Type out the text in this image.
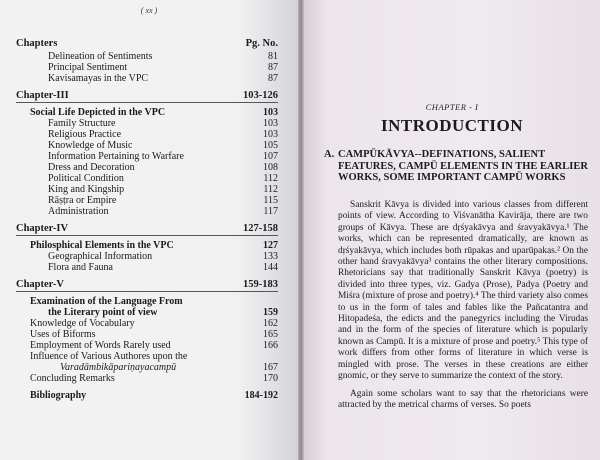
( xx )
Chapters	Pg. No.
Delineation of Sentiments	81
Principal Sentiment	87
Kavisamayas in the VPC	87
Chapter-III	103-126
Social Life Depicted in the VPC	103
Family Structure	103
Religious Practice	103
Knowledge of Music	105
Information Pertaining to Warfare	107
Dress and Decoration	108
Political Condition	112
King and Kingship	112
Rāṣṭra or Empire	115
Administration	117
Chapter-IV	127-158
Philosphical Elements in the VPC	127
Geographical Information	133
Flora and Fauna	144
Chapter-V	159-183
Examination of the Language From
the Literary point of view	159
Knowledge of Vocabulary	162
Uses of Biforms	165
Employment of Words Rarely used	166
Influence of Various Authores upon the
Varadāmbikāpariṇayacampū	167
Concluding Remarks	170
Bibliography	184-192
CHAPTER - I
INTRODUCTION
A. CAMPŪKĀVYA--DEFINATIONS, SALIENT FEATURES, CAMPŪ ELEMENTS IN THE EARLIER WORKS, SOME IMPORTANT CAMPŪ WORKS

Sanskrit Kāvya is divided into various classes from different points of view. According to Viśvanātha Kavirāja, there are two groups of Kāvya. These are dṛśyakāvya and śravyakāvya.¹ The works, which can be represented dramatically, are known as dṛśyakāvya, which includes both rūpakas and uparūpakas.² On the other hand śravyakāvya³ contains the other literary compositions. Rhetoricians say that traditionally Sanskrit Kāvya (poetry) is divided into three types, viz. Gadya (Prose), Padya (Poetry and Miśra (mixture of prose and poetry).⁴ The third variety also comes to us in the form of tales and fables like the Pañcatantra and Hitopadeśa, the edicts and the panegyrics including the Virudas and in the form of the species of literature which is popularly known as Campū. It is a mixture of prose and poetry.⁵ This type of work differs from other forms of literature in which verse is mingled with prose. The verses in these creations are either gnomic, or they serve to summarize the context of the story.

Again some scholars want to say that the rhetoricians were attracted by the metrical charms of verses. So poets
